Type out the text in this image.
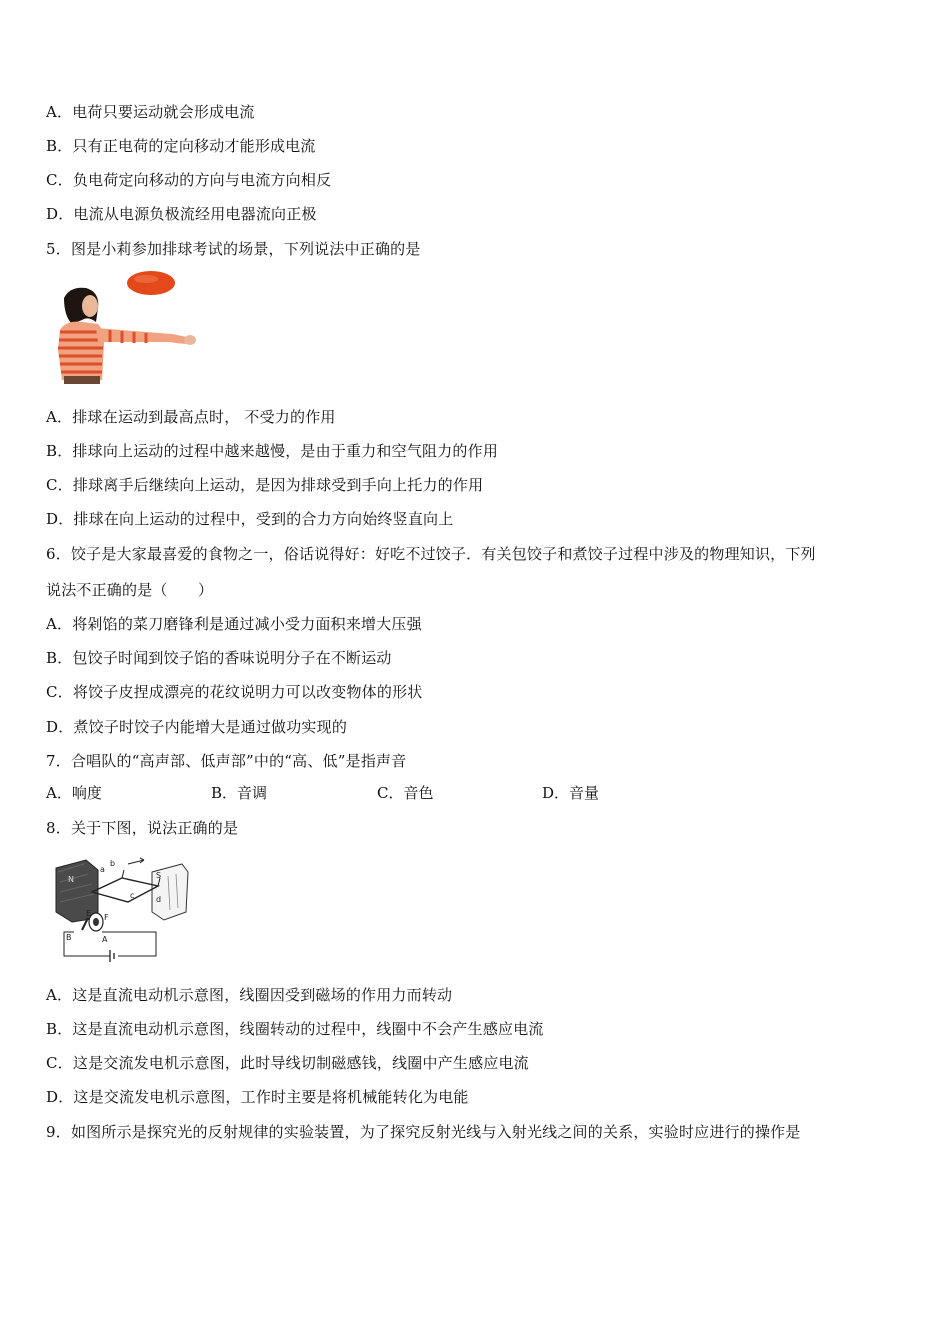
A．电荷只要运动就会形成电流
B．只有正电荷的定向移动才能形成电流
C．负电荷定向移动的方向与电流方向相反
D．电流从电源负极流经用电器流向正极
5．图是小莉参加排球考试的场景，下列说法中正确的是
A．排球在运动到最高点时， 不受力的作用
B．排球向上运动的过程中越来越慢，是由于重力和空气阻力的作用
C．排球离手后继续向上运动，是因为排球受到手向上托力的作用
D．排球在向上运动的过程中，受到的合力方向始终竖直向上
6．饺子是大家最喜爱的食物之一，俗话说得好：好吃不过饺子．有关包饺子和煮饺子过程中涉及的物理知识，下列
说法不正确的是（　　）
A．将剁馅的菜刀磨锋利是通过减小受力面积来增大压强
B．包饺子时闻到饺子馅的香味说明分子在不断运动
C．将饺子皮捏成漂亮的花纹说明力可以改变物体的形状
D．煮饺子时饺子内能增大是通过做功实现的
7．合唱队的“高声部、低声部”中的“高、低”是指声音
A．响度	B．音调	C．音色	D．音量
8．关于下图，说法正确的是
N	S
a
b
c	d
E F
A
B
A．这是直流电动机示意图，线圈因受到磁场的作用力而转动
B．这是直流电动机示意图，线圈转动的过程中，线圈中不会产生感应电流
C．这是交流发电机示意图，此时导线切制磁感钱，线圈中产生感应电流
D．这是交流发电机示意图，工作时主要是将机械能转化为电能
9．如图所示是探究光的反射规律的实验装置，为了探究反射光线与入射光线之间的关系，实验时应进行的操作是
